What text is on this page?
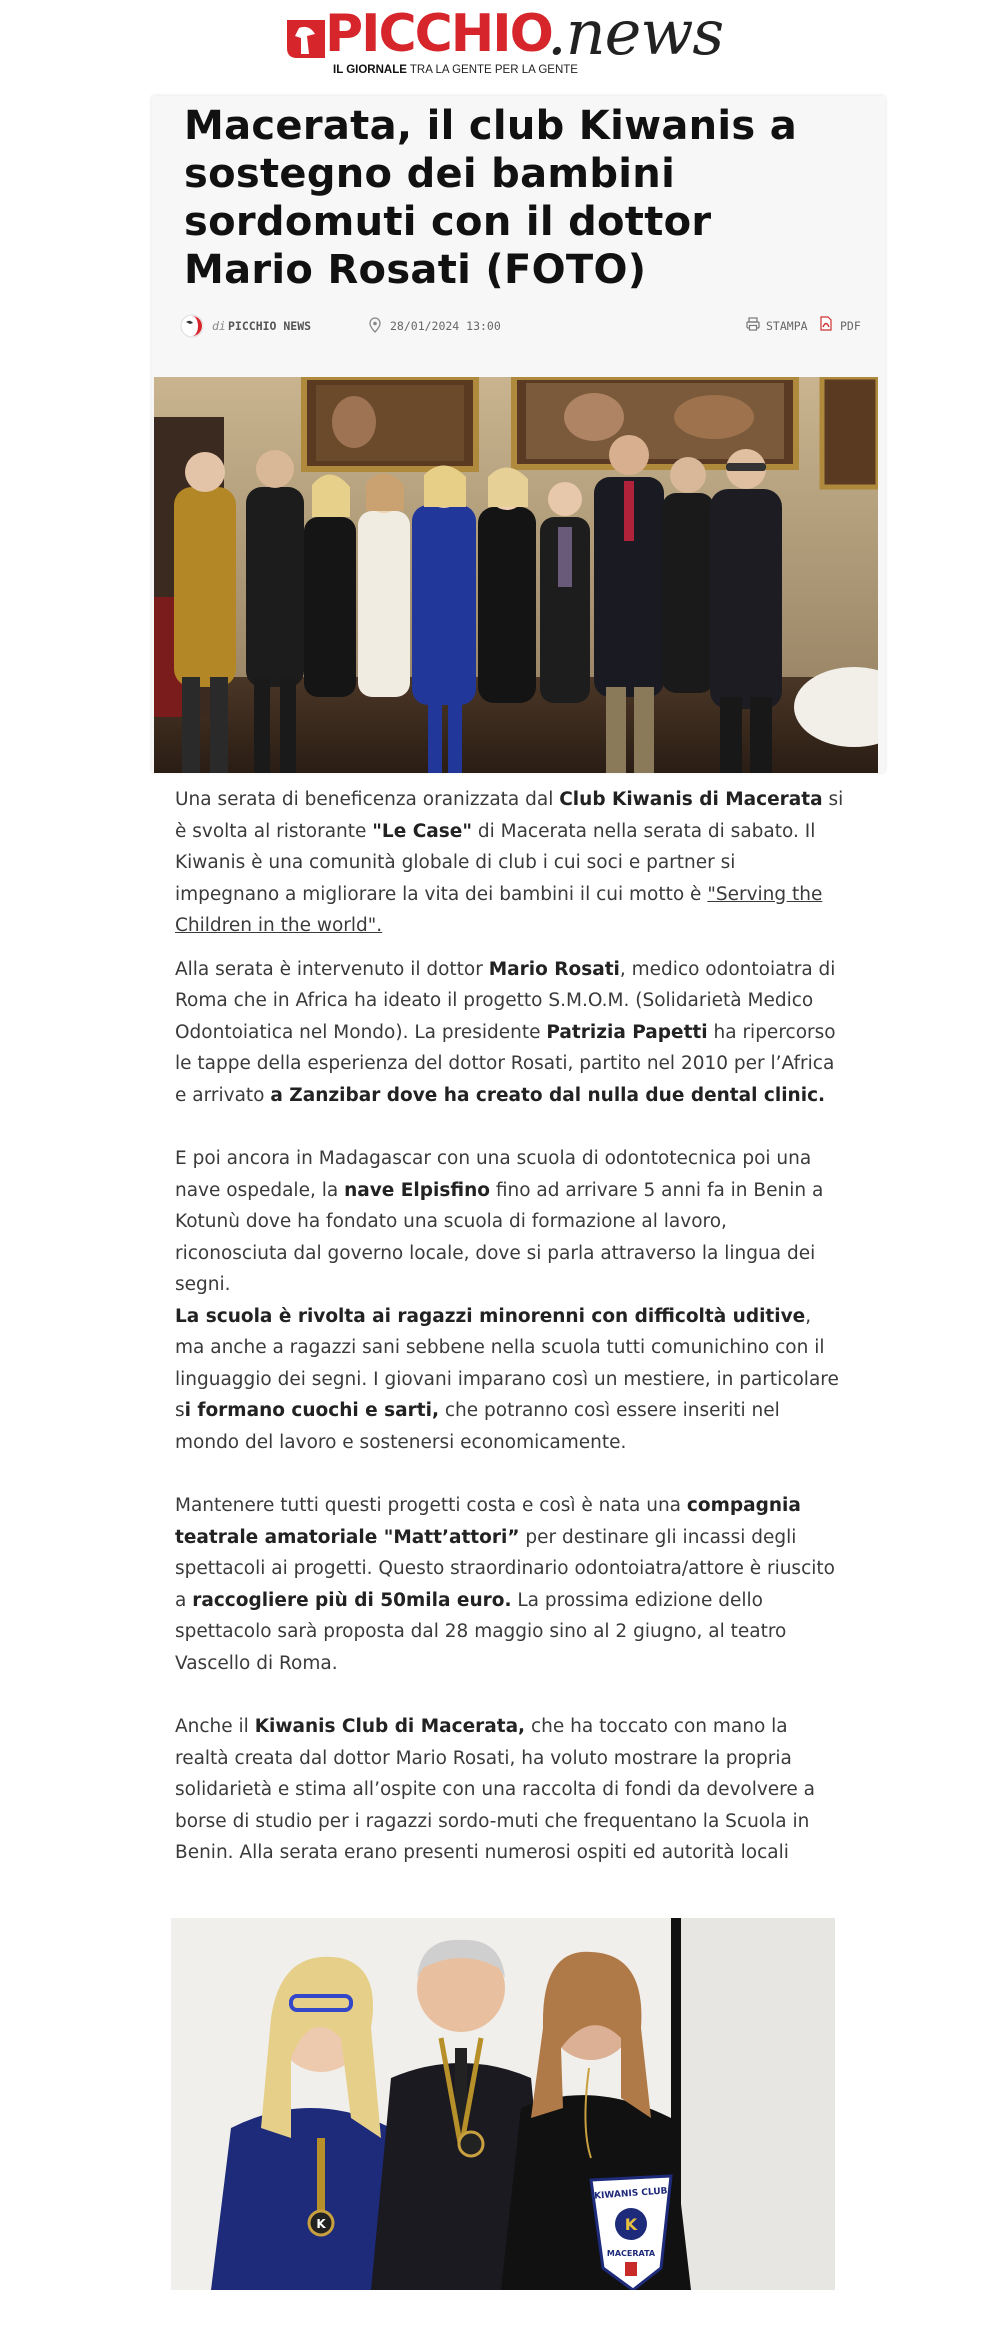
PICCHIO
.news
IL GIORNALE TRA LA GENTE PER LA GENTE
Macerata, il club Kiwanis a sostegno dei bambini sordomuti con il dottor Mario Rosati (FOTO)
di PICCHIO NEWS	28/01/2024 13:00	STAMPA	PDF

Una serata di beneficenza oranizzata dal Club Kiwanis di Macerata si è svolta al ristorante "Le Case" di Macerata nella serata di sabato. Il Kiwanis è una comunità globale di club i cui soci e partner si impegnano a migliorare la vita dei bambini il cui motto è "Serving the Children in the world".

Alla serata è intervenuto il dottor Mario Rosati, medico odontoiatra di Roma che in Africa ha ideato il progetto S.M.O.M. (Solidarietà Medico Odontoiatica nel Mondo). La presidente Patrizia Papetti ha ripercorso le tappe della esperienza del dottor Rosati, partito nel 2010 per l’Africa e arrivato a Zanzibar dove ha creato dal nulla due dental clinic.

E poi ancora in Madagascar con una scuola di odontotecnica poi una nave ospedale, la nave Elpisfino fino ad arrivare 5 anni fa in Benin a Kotunù dove ha fondato una scuola di formazione al lavoro, riconosciuta dal governo locale, dove si parla attraverso la lingua dei segni.

La scuola è rivolta ai ragazzi minorenni con difficoltà uditive, ma anche a ragazzi sani sebbene nella scuola tutti comunichino con il linguaggio dei segni. I giovani imparano così un mestiere, in particolare si formano cuochi e sarti, che potranno così essere inseriti nel mondo del lavoro e sostenersi economicamente.

Mantenere tutti questi progetti costa e così è nata una compagnia teatrale amatoriale "Matt’attori” per destinare gli incassi degli spettacoli ai progetti. Questo straordinario odontoiatra/attore è riuscito a raccogliere più di 50mila euro. La prossima edizione dello spettacolo sarà proposta dal 28 maggio sino al 2 giugno, al teatro Vascello di Roma.

Anche il Kiwanis Club di Macerata, che ha toccato con mano la realtà creata dal dottor Mario Rosati, ha voluto mostrare la propria solidarietà e stima all’ospite con una raccolta di fondi da devolvere a borse di studio per i ragazzi sordo-muti che frequentano la Scuola in Benin. Alla serata erano presenti numerosi ospiti ed autorità locali

K
KIWANIS CLUB
K
MACERATA
